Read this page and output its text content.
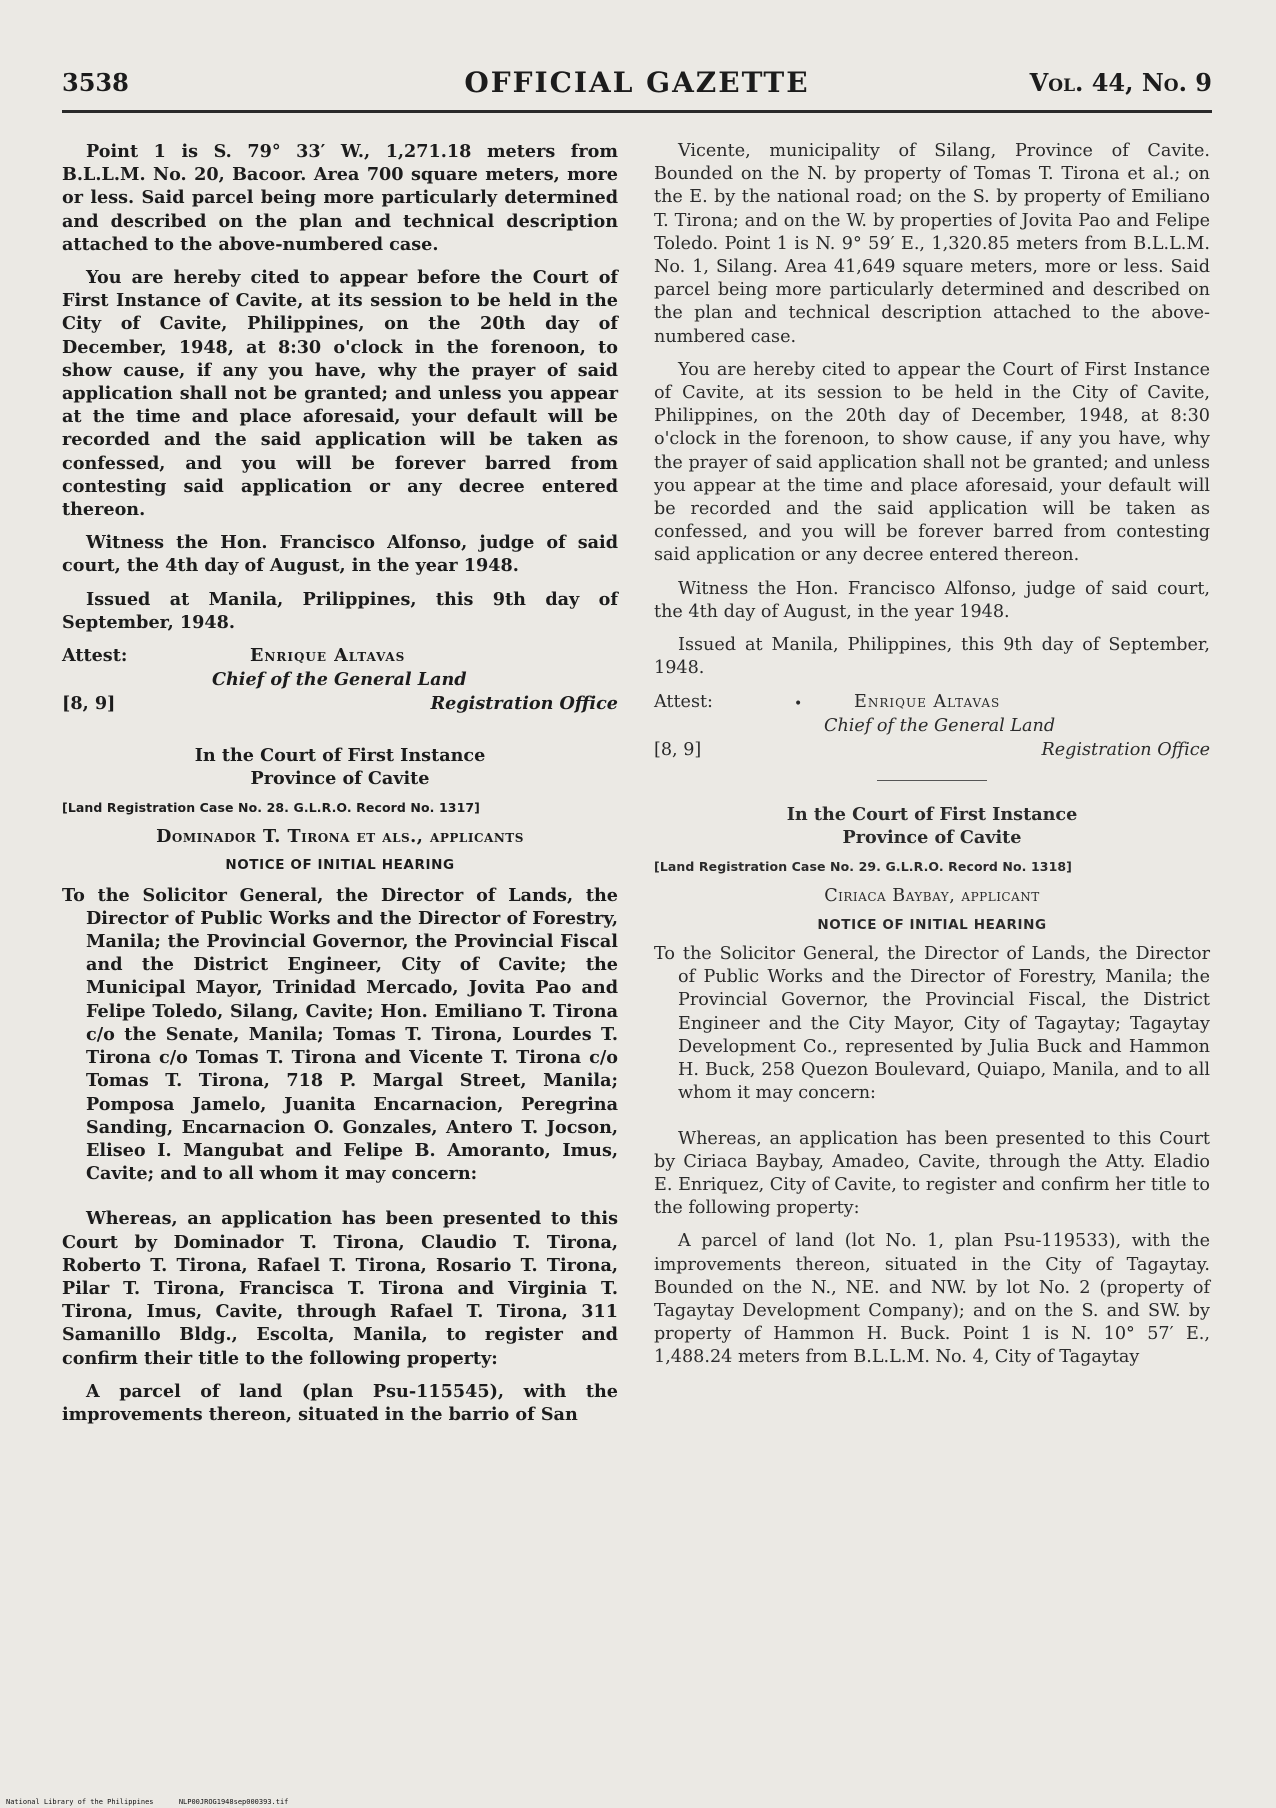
3538	OFFICIAL GAZETTE	Vol. 44, No. 9

Point 1 is S. 79° 33′ W., 1,271.18 meters from B.L.L.M. No. 20, Bacoor. Area 700 square meters, more or less. Said parcel being more particularly determined and described on the plan and technical description attached to the above-numbered case.

You are hereby cited to appear before the Court of First Instance of Cavite, at its session to be held in the City of Cavite, Philippines, on the 20th day of December, 1948, at 8:30 o'clock in the forenoon, to show cause, if any you have, why the prayer of said application shall not be granted; and unless you appear at the time and place aforesaid, your default will be recorded and the said application will be taken as confessed, and you will be forever barred from contesting said application or any decree entered thereon.

Witness the Hon. Francisco Alfonso, judge of said court, the 4th day of August, in the year 1948.

Issued at Manila, Prilippines, this 9th day of September, 1948.

Attest:	Enrique Altavas
Chief of the General Land
[8, 9]	Registration Office
In the Court of First Instance
Province of Cavite
[Land Registration Case No. 28. G.L.R.O. Record No. 1317]
Dominador T. Tirona et als., applicants
NOTICE OF INITIAL HEARING

To the Solicitor General, the Director of Lands, the Director of Public Works and the Director of Forestry, Manila; the Provincial Governor, the Provincial Fiscal and the District Engineer, City of Cavite; the Municipal Mayor, Trinidad Mercado, Jovita Pao and Felipe Toledo, Silang, Cavite; Hon. Emiliano T. Tirona c/o the Senate, Manila; Tomas T. Tirona, Lourdes T. Tirona c/o Tomas T. Tirona and Vicente T. Tirona c/o Tomas T. Tirona, 718 P. Margal Street, Manila; Pomposa Jamelo, Juanita Encarnacion, Peregrina Sanding, Encarnacion O. Gonzales, Antero T. Jocson, Eliseo I. Mangubat and Felipe B. Amoranto, Imus, Cavite; and to all whom it may concern:

Whereas, an application has been presented to this Court by Dominador T. Tirona, Claudio T. Tirona, Roberto T. Tirona, Rafael T. Tirona, Rosario T. Tirona, Pilar T. Tirona, Francisca T. Tirona and Virginia T. Tirona, Imus, Cavite, through Rafael T. Tirona, 311 Samanillo Bldg., Escolta, Manila, to register and confirm their title to the following property:

A parcel of land (plan Psu-115545), with the improvements thereon, situated in the barrio of San

Vicente, municipality of Silang, Province of Cavite. Bounded on the N. by property of Tomas T. Tirona et al.; on the E. by the national road; on the S. by property of Emiliano T. Tirona; and on the W. by properties of Jovita Pao and Felipe Toledo. Point 1 is N. 9° 59′ E., 1,320.85 meters from B.L.L.M. No. 1, Silang. Area 41,649 square meters, more or less. Said parcel being more particularly determined and described on the plan and technical description attached to the above-numbered case.

You are hereby cited to appear the Court of First Instance of Cavite, at its session to be held in the City of Cavite, Philippines, on the 20th day of December, 1948, at 8:30 o'clock in the forenoon, to show cause, if any you have, why the prayer of said application shall not be granted; and unless you appear at the time and place aforesaid, your default will be recorded and the said application will be taken as confessed, and you will be forever barred from contesting said application or any decree entered thereon.

Witness the Hon. Francisco Alfonso, judge of said court, the 4th day of August, in the year 1948.

Issued at Manila, Philippines, this 9th day of September, 1948.

Attest:	•	Enrique Altavas
Chief of the General Land
[8, 9]	Registration Office
In the Court of First Instance
Province of Cavite
[Land Registration Case No. 29. G.L.R.O. Record No. 1318]
Ciriaca Baybay, applicant
NOTICE OF INITIAL HEARING

To the Solicitor General, the Director of Lands, the Director of Public Works and the Director of Forestry, Manila; the Provincial Governor, the Provincial Fiscal, the District Engineer and the City Mayor, City of Tagaytay; Tagaytay Development Co., represented by Julia Buck and Hammon H. Buck, 258 Quezon Boulevard, Quiapo, Manila, and to all whom it may concern:

Whereas, an application has been presented to this Court by Ciriaca Baybay, Amadeo, Cavite, through the Atty. Eladio E. Enriquez, City of Cavite, to register and confirm her title to the following property:

A parcel of land (lot No. 1, plan Psu-119533), with the improvements thereon, situated in the City of Tagaytay. Bounded on the N., NE. and NW. by lot No. 2 (property of Tagaytay Development Company); and on the S. and SW. by property of Hammon H. Buck. Point 1 is N. 10° 57′ E., 1,488.24 meters from B.L.L.M. No. 4, City of Tagaytay

National Library of the Philippines	NLP00JROG1948sep000393.tif
